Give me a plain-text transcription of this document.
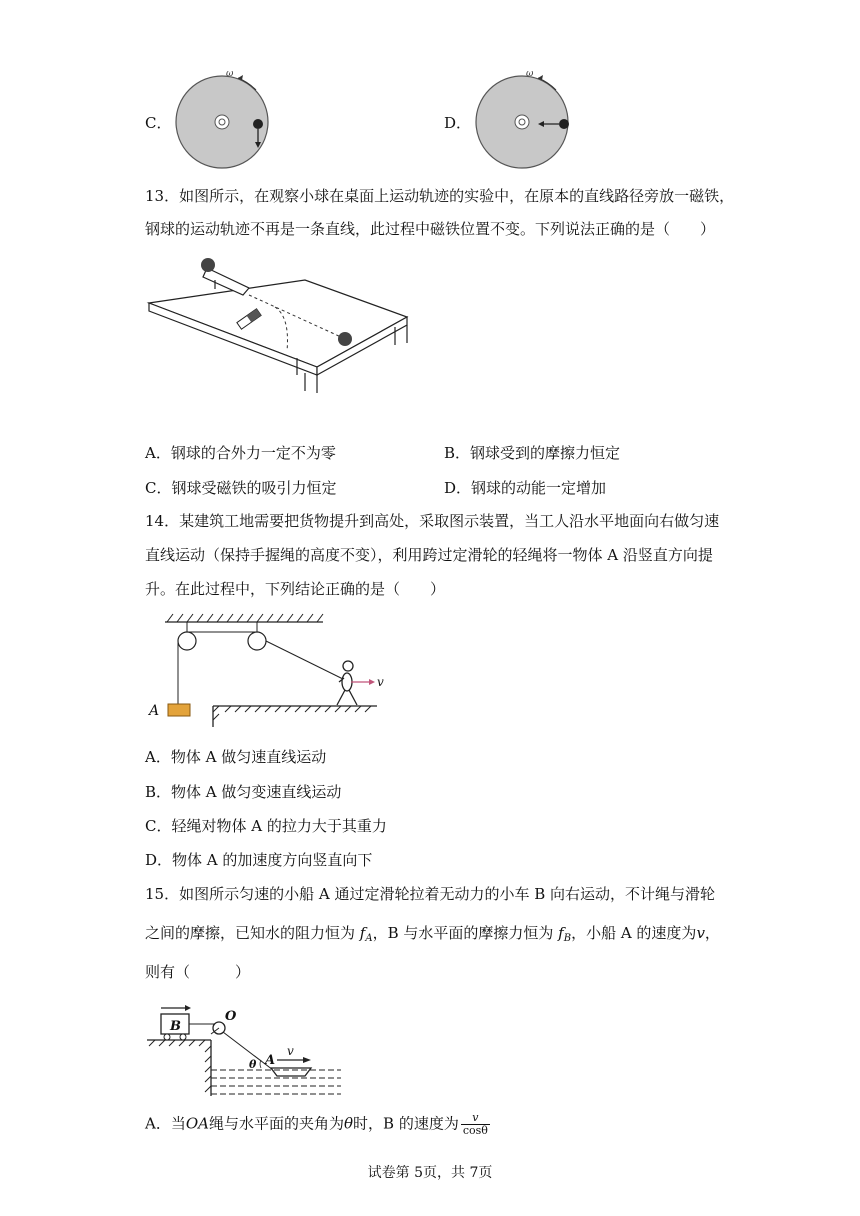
C．
ω
D．
ω
13．如图所示，在观察小球在桌面上运动轨迹的实验中，在原本的直线路径旁放一磁铁，
钢球的运动轨迹不再是一条直线，此过程中磁铁位置不变。下列说法正确的是（　　）
A．钢球的合外力一定不为零	B．钢球受到的摩擦力恒定
C．钢球受磁铁的吸引力恒定	D．钢球的动能一定增加
14．某建筑工地需要把货物提升到高处，采取图示装置，当工人沿水平地面向右做匀速
直线运动（保持手握绳的高度不变），利用跨过定滑轮的轻绳将一物体 A 沿竖直方向提
升。在此过程中，下列结论正确的是（　　）
A
v
A．物体 A 做匀速直线运动
B．物体 A 做匀变速直线运动
C．轻绳对物体 A 的拉力大于其重力
D．物体 A 的加速度方向竖直向下
15．如图所示匀速的小船 A 通过定滑轮拉着无动力的小车 B 向右运动，不计绳与滑轮
之间的摩擦，已知水的阻力恒为 $f_A$，B 与水平面的摩擦力恒为 $f_B$，小船 A 的速度为v，
则有（　　　）
B
O
A
θ
v
A．当OA绳与水平面的夹角为θ时，B 的速度为 $\frac{v}{\cos\theta}$
试卷第 5页，共 7页
